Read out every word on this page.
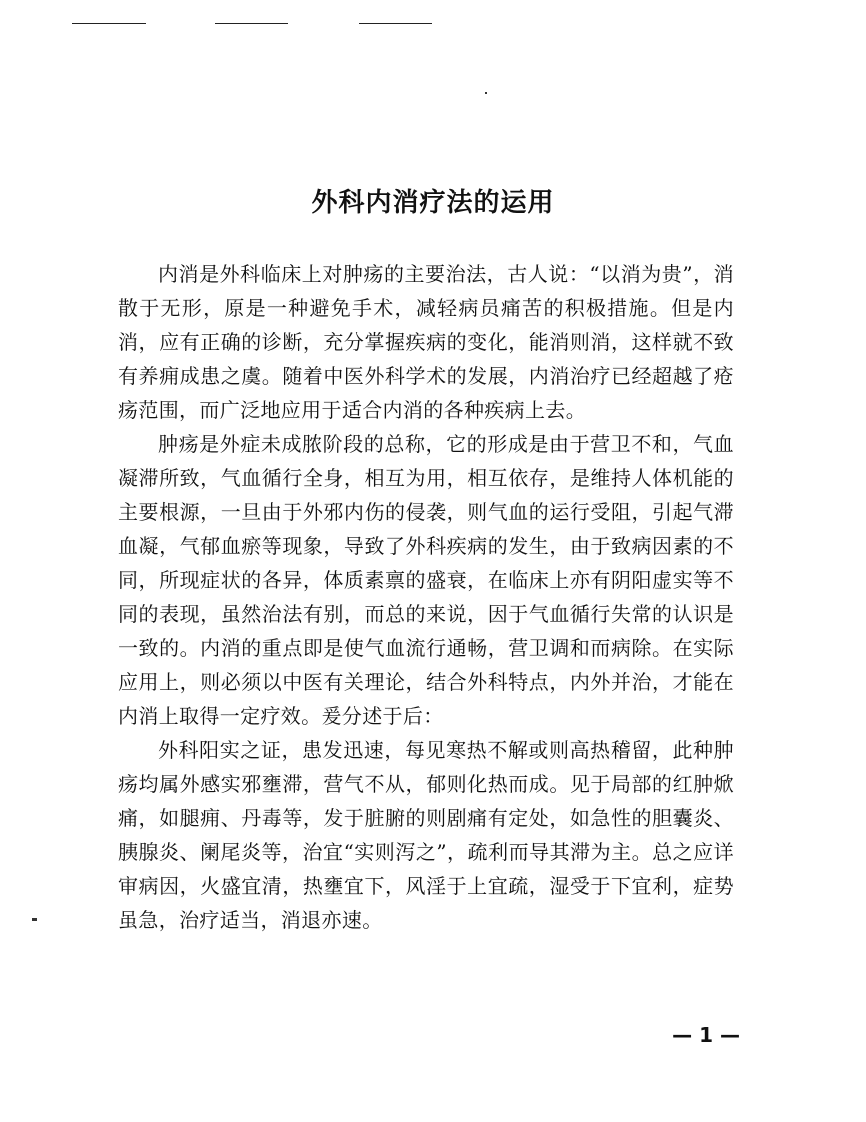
外科内消疗法的运用

内消是外科临床上对肿疡的主要治法，古人说：“以消为贵”，消散于无形，原是一种避免手术，减轻病员痛苦的积极措施。但是内消，应有正确的诊断，充分掌握疾病的变化，能消则消，这样就不致有养痈成患之虞。随着中医外科学术的发展，内消治疗已经超越了疮疡范围，而广泛地应用于适合内消的各种疾病上去。

肿疡是外症未成脓阶段的总称，它的形成是由于营卫不和，气血凝滞所致，气血循行全身，相互为用，相互依存，是维持人体机能的主要根源，一旦由于外邪内伤的侵袭，则气血的运行受阻，引起气滞血凝，气郁血瘀等现象，导致了外科疾病的发生，由于致病因素的不同，所现症状的各异，体质素禀的盛衰，在临床上亦有阴阳虚实等不同的表现，虽然治法有别，而总的来说，因于气血循行失常的认识是一致的。内消的重点即是使气血流行通畅，营卫调和而病除。在实际应用上，则必须以中医有关理论，结合外科特点，内外并治，才能在内消上取得一定疗效。爰分述于后：

外科阳实之证，患发迅速，每见寒热不解或则高热稽留，此种肿疡均属外感实邪壅滞，营气不从，郁则化热而成。见于局部的红肿焮痛，如腿痈、丹毒等，发于脏腑的则剧痛有定处，如急性的胆囊炎、胰腺炎、阑尾炎等，治宜“实则泻之”，疏利而导其滞为主。总之应详审病因，火盛宜清，热壅宜下，风淫于上宜疏，湿受于下宜利，症势虽急，治疗适当，消退亦速。

— 1 —
